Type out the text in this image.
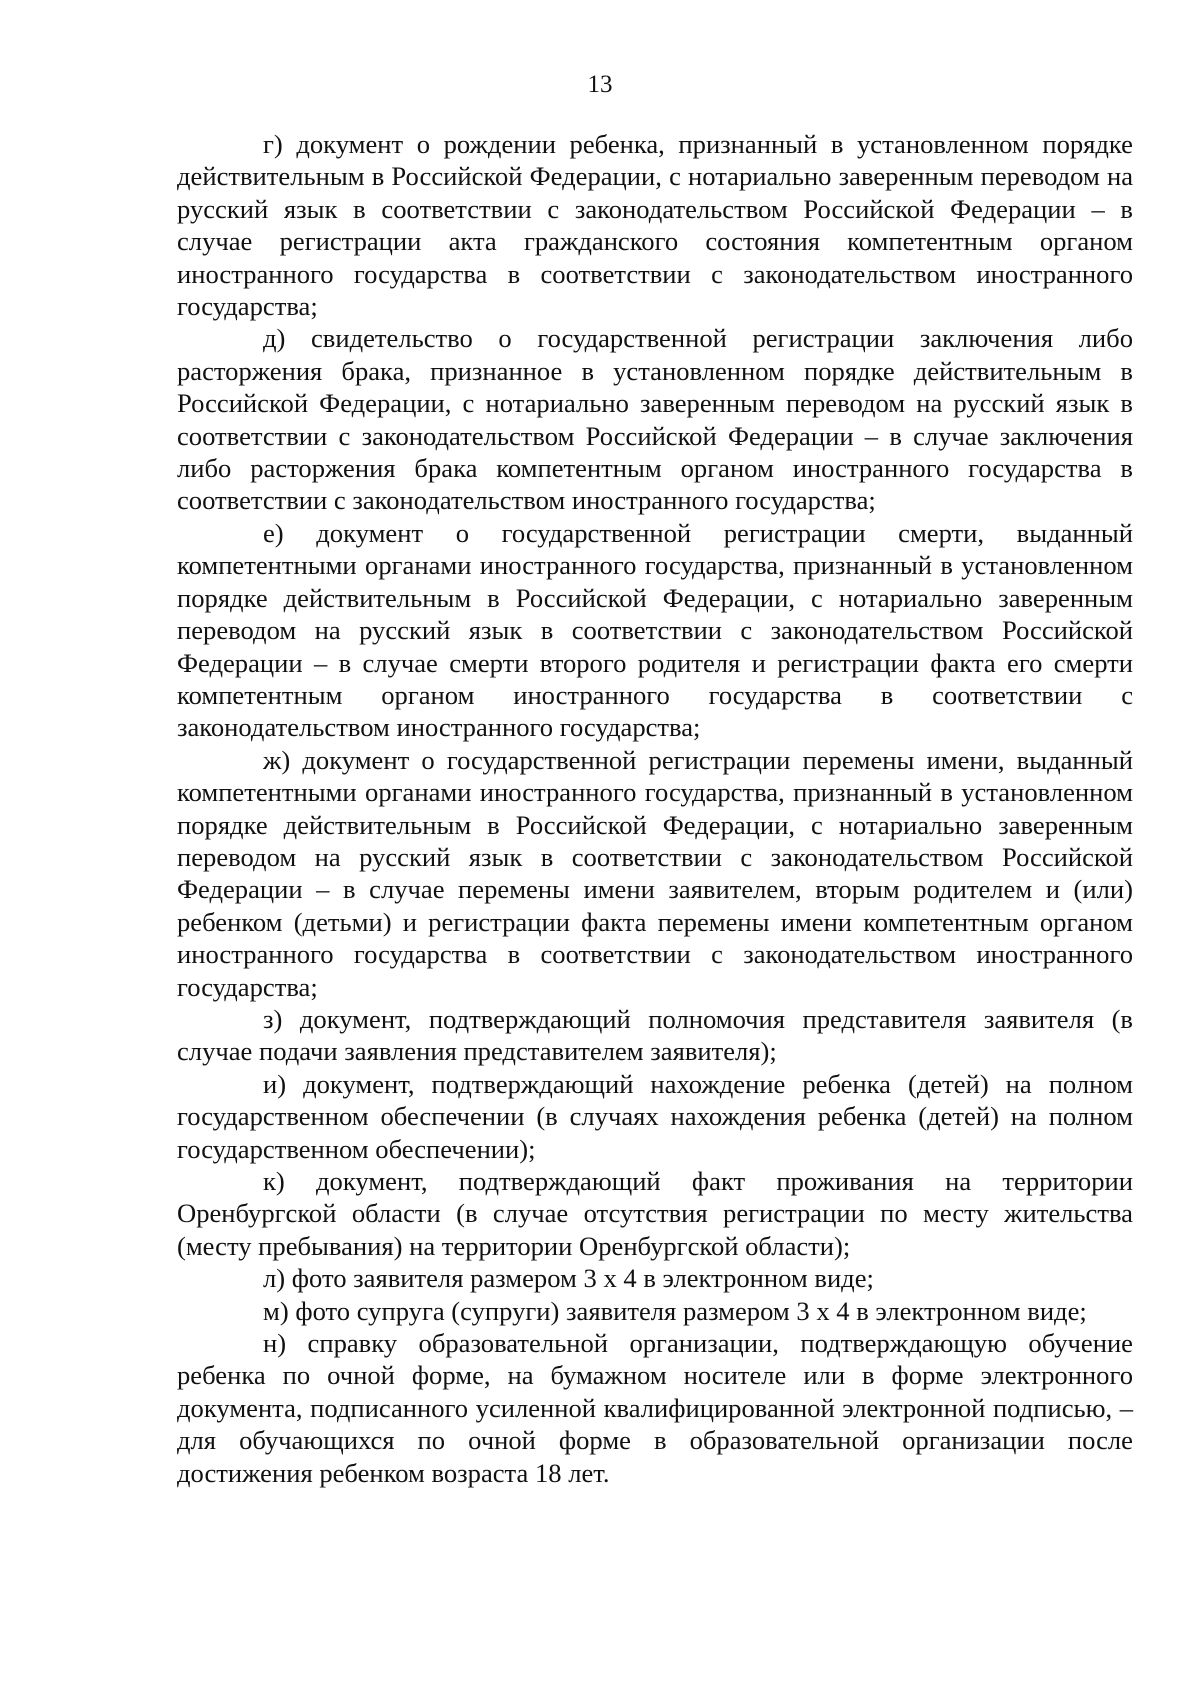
13

г) документ о рождении ребенка, признанный в установленном порядке действительным в Российской Федерации, с нотариально заверенным переводом на русский язык в соответствии с законодательством Российской Федерации – в случае регистрации акта гражданского состояния компетентным органом иностранного государства в соответствии с законодательством иностранного государства;

д) свидетельство о государственной регистрации заключения либо расторжения брака, признанное в установленном порядке действительным в Российской Федерации, с нотариально заверенным переводом на русский язык в соответствии с законодательством Российской Федерации – в случае заключения либо расторжения брака компетентным органом иностранного государства в соответствии с законодательством иностранного государства;

е) документ о государственной регистрации смерти, выданный компетентными органами иностранного государства, признанный в установленном порядке действительным в Российской Федерации, с нотариально заверенным переводом на русский язык в соответствии с законодательством Российской Федерации – в случае смерти второго родителя и регистрации факта его смерти компетентным органом иностранного государства в соответствии с законодательством иностранного государства;

ж) документ о государственной регистрации перемены имени, выданный компетентными органами иностранного государства, признанный в установленном порядке действительным в Российской Федерации, с нотариально заверенным переводом на русский язык в соответствии с законодательством Российской Федерации – в случае перемены имени заявителем, вторым родителем и (или) ребенком (детьми) и регистрации факта перемены имени компетентным органом иностранного государства в соответствии с законодательством иностранного государства;

з) документ, подтверждающий полномочия представителя заявителя (в случае подачи заявления представителем заявителя);

и) документ, подтверждающий нахождение ребенка (детей) на полном государственном обеспечении (в случаях нахождения ребенка (детей) на полном государственном обеспечении);

к) документ, подтверждающий факт проживания на территории Оренбургской области (в случае отсутствия регистрации по месту жительства (месту пребывания) на территории Оренбургской области);

л) фото заявителя размером 3 х 4 в электронном виде;

м) фото супруга (супруги) заявителя размером 3 х 4 в электронном виде;

н) справку образовательной организации, подтверждающую обучение ребенка по очной форме, на бумажном носителе или в форме электронного документа, подписанного усиленной квалифицированной электронной подписью, – для обучающихся по очной форме в образовательной организации после достижения ребенком возраста 18 лет.
